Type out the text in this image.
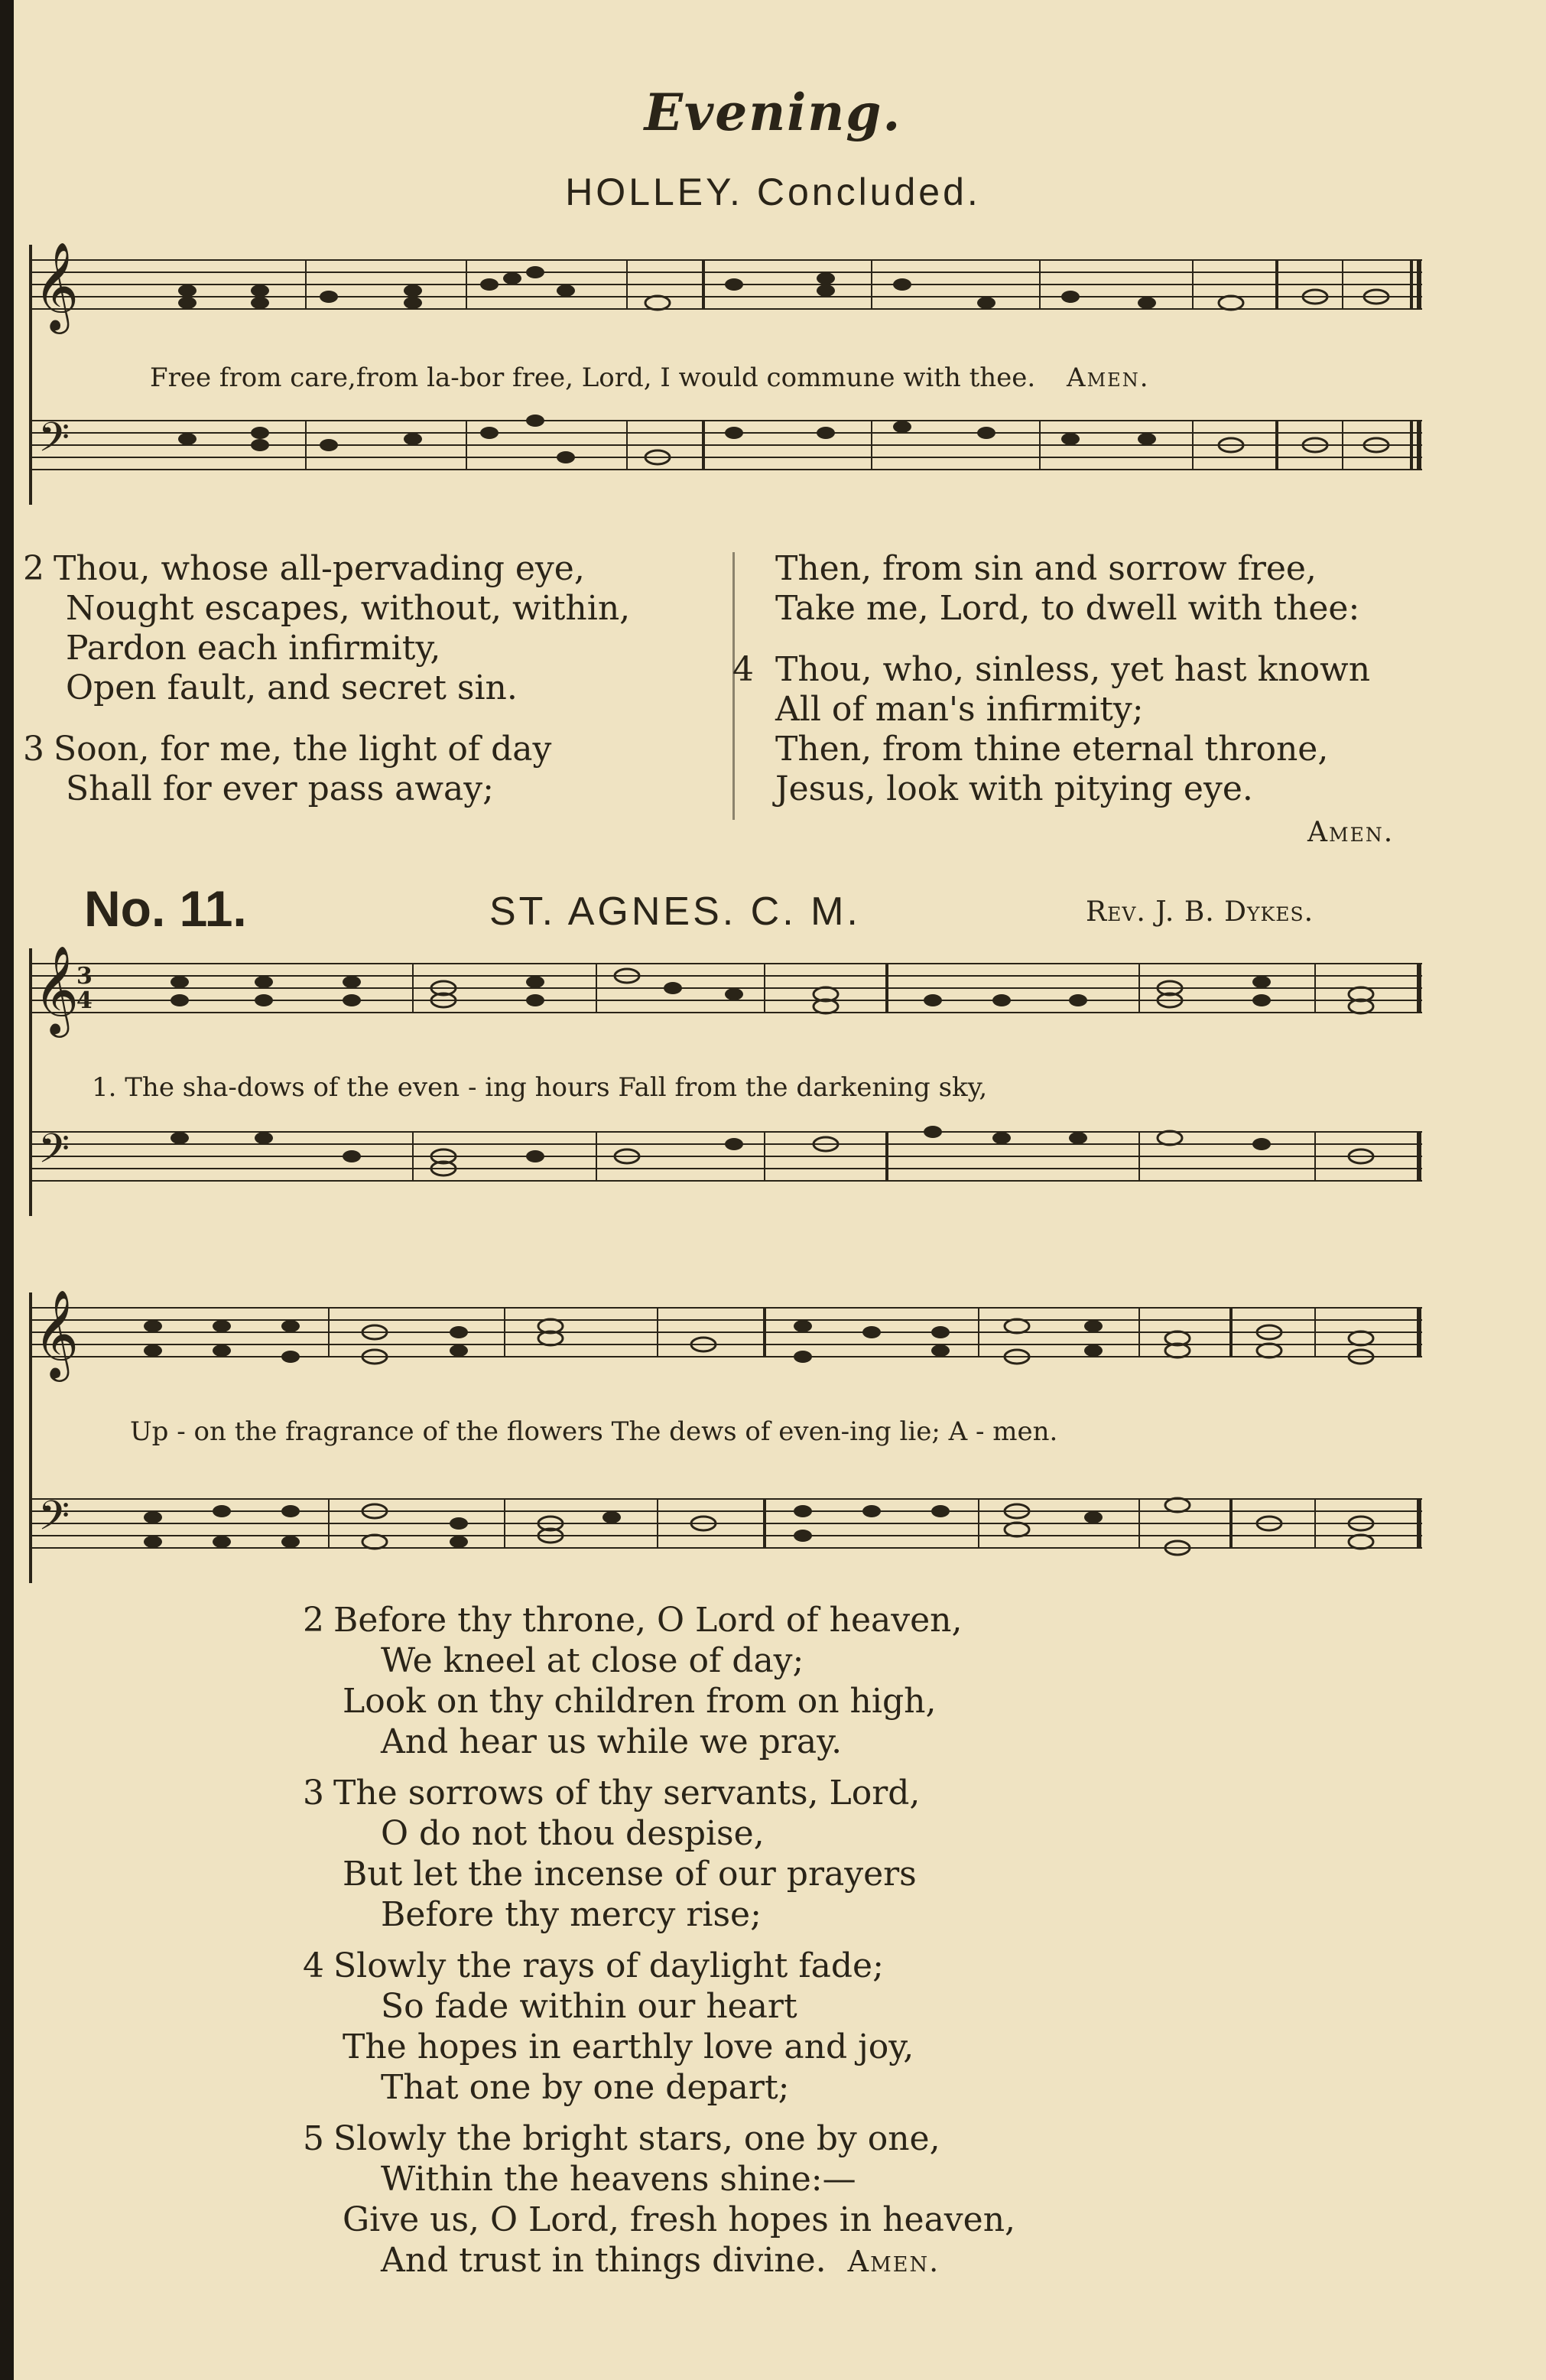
Evening.
HOLLEY. Concluded.
𝄞
𝄢
Free from care,from la-bor free, Lord, I would commune with thee. Amen.
2 Thou, whose all-pervading eye,
Nought escapes, without, within,
Pardon each infirmity,
Open fault, and secret sin.
3 Soon, for me, the light of day
Shall for ever pass away;
Then, from sin and sorrow free,
Take me, Lord, to dwell with thee:
4 Thou, who, sinless, yet hast known
All of man's infirmity;
Then, from thine eternal throne,
Jesus, look with pitying eye.
Amen.
No. 11.	ST. AGNES. C. M.	Rev. J. B. Dykes.
𝄞
𝄢
3
4
1. The sha-dows of the even - ing hours Fall from the darkening sky,
𝄞
𝄢
Up - on the fragrance of the flowers The dews of even-ing lie; A - men.
2 Before thy throne, O Lord of heaven,
We kneel at close of day;
Look on thy children from on high,
And hear us while we pray.
3 The sorrows of thy servants, Lord,
O do not thou despise,
But let the incense of our prayers
Before thy mercy rise;
4 Slowly the rays of daylight fade;
So fade within our heart
The hopes in earthly love and joy,
That one by one depart;
5 Slowly the bright stars, one by one,
Within the heavens shine:—
Give us, O Lord, fresh hopes in heaven,
And trust in things divine. Amen.
